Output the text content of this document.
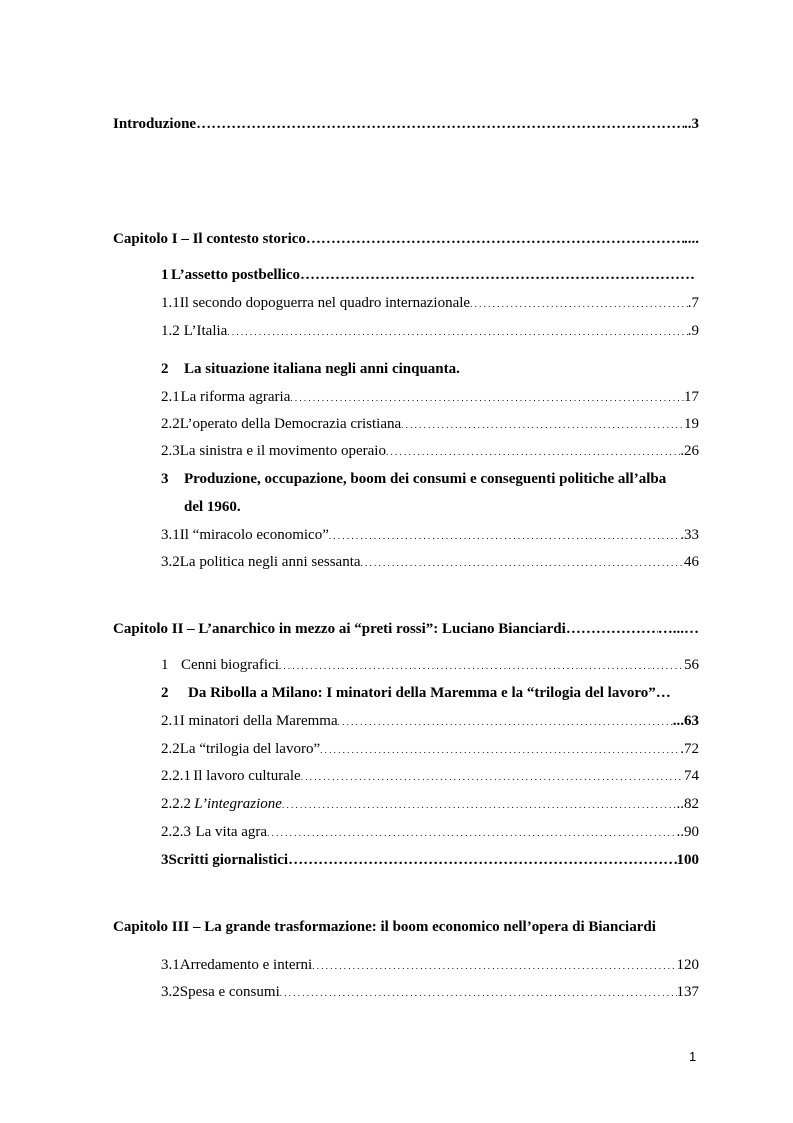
Introduzione ……………………………………………………………………………………………………………………………………………………………………………………………	..3
Capitolo I – Il contesto storico ……………………………………………………………………………………………………………………………………………………………………………………………	....
1 L’assetto postbellico
……………………………………………………………………………………………………………………………………………………………………………………………
1.1 Il secondo dopoguerra nel quadro internazionale . . .	.7
1.2 L’Italia . . .	.9
2	La situazione italiana negli anni cinquanta.
2.1 La riforma agraria . . .	17
2.2 L’operato della Democrazia cristiana . . .	19
2.3 La sinistra e il movimento operaio . . .	.26
3	Produzione, occupazione, boom dei consumi e conseguenti politiche all’alba
del 1960.
3.1 Il “miracolo economico” . . .	.33
3.2 La politica negli anni sessanta . . .	46
Capitolo II – L’anarchico in mezzo ai “preti rossi”: Luciano Bianciardi ……………………………………………………………………………………………………………………………………………………………………………………………	…...…
1 Cenni biografici . . .	56
2	Da Ribolla a Milano: I minatori della Maremma e la “trilogia del lavoro”…
2.1 I minatori della Maremma . . .	...63
2.2 La “trilogia del lavoro” . . .	.72
2.2.1 Il lavoro culturale . . .	74
2.2.2 L’integrazione . . .	..82
2.2.3 La vita agra . . .	..90
3 Scritti giornalistici ……………………………………………………………………………………………………………………………………………………………………………………………	100
Capitolo III – La grande trasformazione: il boom economico nell’opera di Bianciardi
3.1 Arredamento e interni . . .	120
3.2 Spesa e consumi . . .	137
1
